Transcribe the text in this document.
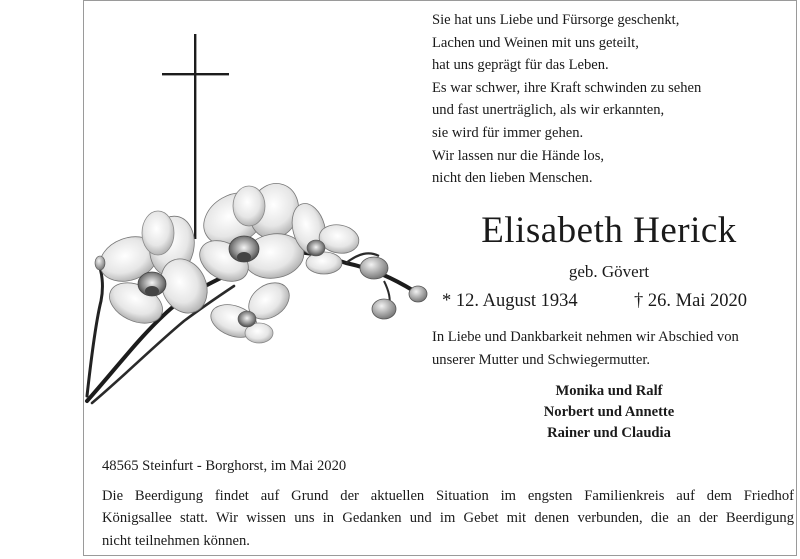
Sie hat uns Liebe und Fürsorge geschenkt,
Lachen und Weinen mit uns geteilt,
hat uns geprägt für das Leben.
Es war schwer, ihre Kraft schwinden zu sehen
und fast unerträglich, als wir erkannten,
sie wird für immer gehen.
Wir lassen nur die Hände los,
nicht den lieben Menschen.
Elisabeth Herick
geb. Gövert
* 12. August 1934	† 26. Mai 2020
In Liebe und Dankbarkeit nehmen wir Abschied von
unserer Mutter und Schwiegermutter.
Monika und Ralf
Norbert und Annette
Rainer und Claudia
48565 Steinfurt - Borghorst, im Mai 2020
Die Beerdigung findet auf Grund der aktuellen Situation im engsten Familienkreis auf dem Friedhof
Königsallee statt. Wir wissen uns in Gedanken und im Gebet mit denen verbunden, die an der Beerdigung
nicht teilnehmen können.
